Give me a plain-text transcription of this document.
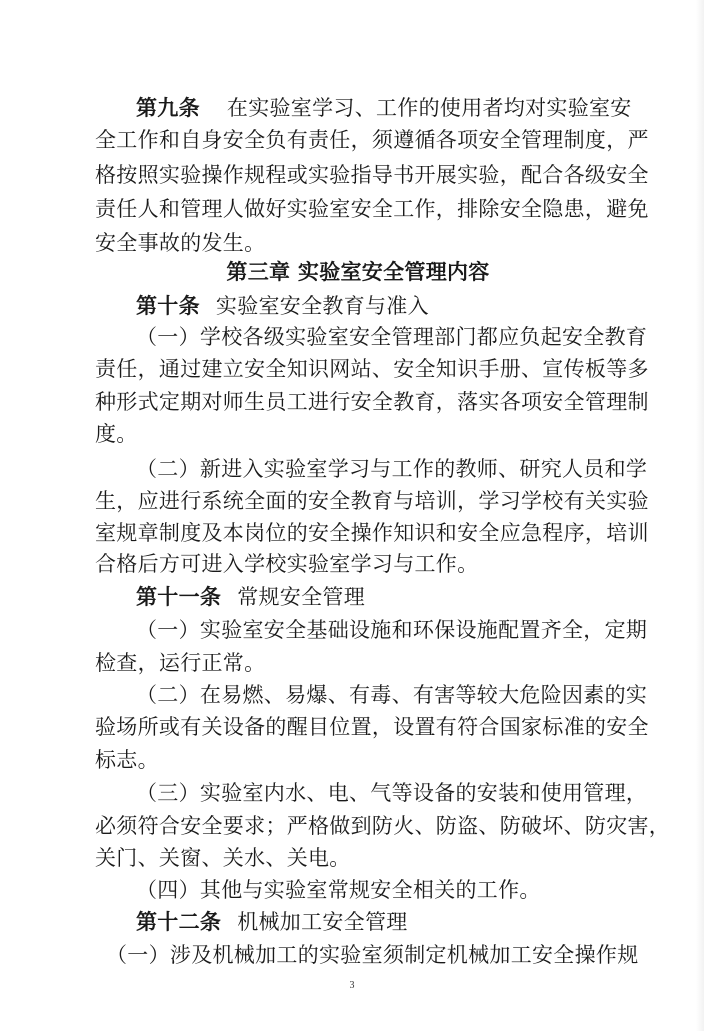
第九条 在实验室学习、工作的使用者均对实验室安
全工作和自身安全负有责任，须遵循各项安全管理制度，严
格按照实验操作规程或实验指导书开展实验，配合各级安全
责任人和管理人做好实验室安全工作，排除安全隐患，避免
安全事故的发生。
第三章 实验室安全管理内容
第十条 实验室安全教育与准入
（一）学校各级实验室安全管理部门都应负起安全教育
责任，通过建立安全知识网站、安全知识手册、宣传板等多
种形式定期对师生员工进行安全教育，落实各项安全管理制
度。
（二）新进入实验室学习与工作的教师、研究人员和学
生，应进行系统全面的安全教育与培训，学习学校有关实验
室规章制度及本岗位的安全操作知识和安全应急程序，培训
合格后方可进入学校实验室学习与工作。
第十一条 常规安全管理
（一）实验室安全基础设施和环保设施配置齐全，定期
检查，运行正常。
（二）在易燃、易爆、有毒、有害等较大危险因素的实
验场所或有关设备的醒目位置，设置有符合国家标准的安全
标志。
（三）实验室内水、电、气等设备的安装和使用管理，
必须符合安全要求；严格做到防火、防盗、防破坏、防灾害，
关门、关窗、关水、关电。
（四）其他与实验室常规安全相关的工作。
第十二条 机械加工安全管理
（一）涉及机械加工的实验室须制定机械加工安全操作规
3
